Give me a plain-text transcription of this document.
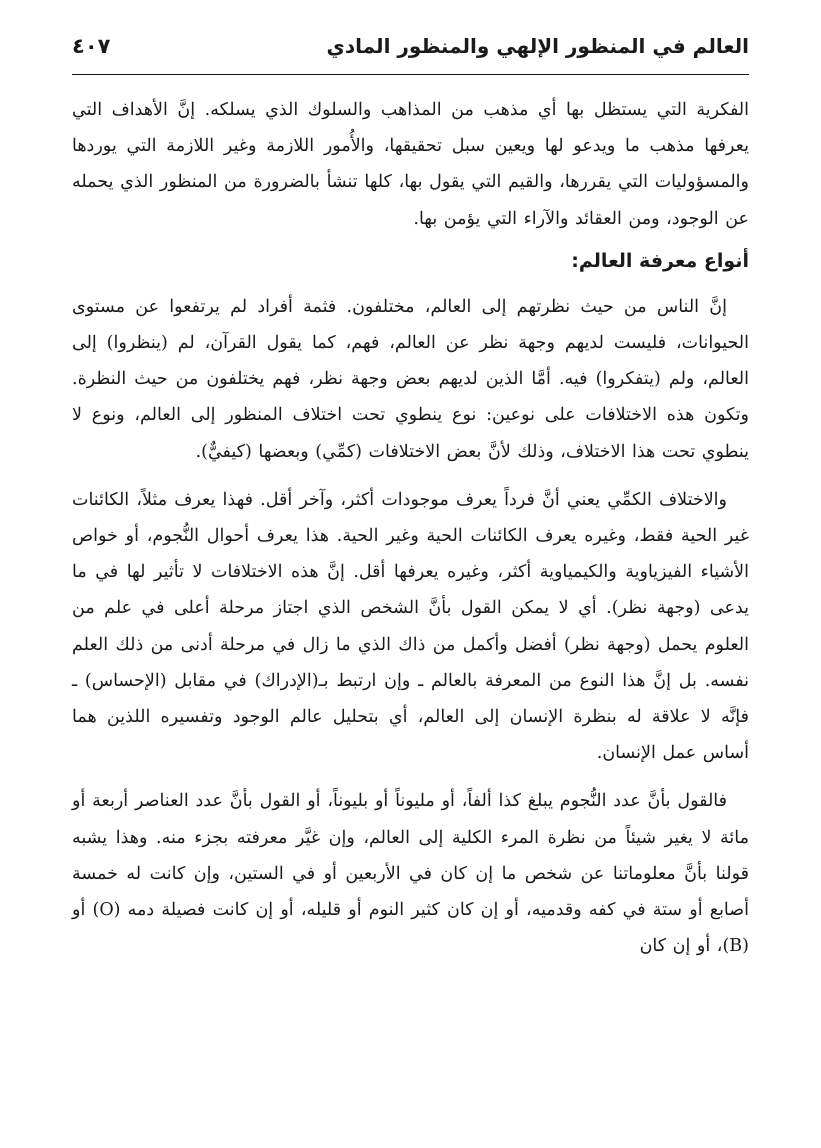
العالم في المنظور الإلهي والمنظور المادي
٤٠٧

الفكرية التي يستظل بها أي مذهب من المذاهب والسلوك الذي يسلكه. إنَّ الأهداف التي يعرفها مذهب ما ويدعو لها ويعين سبل تحقيقها، والأُمور اللازمة وغير اللازمة التي يوردها والمسؤوليات التي يقررها، والقيم التي يقول بها، كلها تنشأ بالضرورة من المنظور الذي يحمله عن الوجود، ومن العقائد والآراء التي يؤمن بها.

أنواع معرفة العالم:

إنَّ الناس من حيث نظرتهم إلى العالم، مختلفون. فثمة أفراد لم يرتفعوا عن مستوى الحيوانات، فليست لديهم وجهة نظر عن العالم، فهم، كما يقول القرآن، لم (ينظروا) إلى العالم، ولم (يتفكروا) فيه. أمَّا الذين لديهم بعض وجهة نظر، فهم يختلفون من حيث النظرة. وتكون هذه الاختلافات على نوعين: نوع ينطوي تحت اختلاف المنظور إلى العالم، ونوع لا ينطوي تحت هذا الاختلاف، وذلك لأنَّ بعض الاختلافات (كمِّي) وبعضها (كيفيٌّ).

والاختلاف الكمِّي يعني أنَّ فرداً يعرف موجودات أكثر، وآخر أقل. فهذا يعرف مثلاً، الكائنات غير الحية فقط، وغيره يعرف الكائنات الحية وغير الحية. هذا يعرف أحوال النُّجوم، أو خواص الأشياء الفيزياوية والكيمياوية أكثر، وغيره يعرفها أقل. إنَّ هذه الاختلافات لا تأثير لها في ما يدعى (وجهة نظر). أي لا يمكن القول بأنَّ الشخص الذي اجتاز مرحلة أعلى في علم من العلوم يحمل (وجهة نظر) أفضل وأكمل من ذاك الذي ما زال في مرحلة أدنى من ذلك العلم نفسه. بل إنَّ هذا النوع من المعرفة بالعالم ـ وإن ارتبط بـ(الإدراك) في مقابل (الإحساس) ـ فإنَّه لا علاقة له بنظرة الإنسان إلى العالم، أي بتحليل عالم الوجود وتفسيره اللذين هما أساس عمل الإنسان.

فالقول بأنَّ عدد النُّجوم يبلغ كذا ألفاً، أو مليوناً أو بليوناً، أو القول بأنَّ عدد العناصر أربعة أو مائة لا يغير شيئاً من نظرة المرء الكلية إلى العالم، وإن غيَّر معرفته بجزء منه. وهذا يشبه قولنا بأنَّ معلوماتنا عن شخص ما إن كان في الأربعين أو في الستين، وإن كانت له خمسة أصابع أو ستة في كفه وقدميه، أو إن كان كثير النوم أو قليله، أو إن كانت فصيلة دمه (O) أو (B)، أو إن كان
